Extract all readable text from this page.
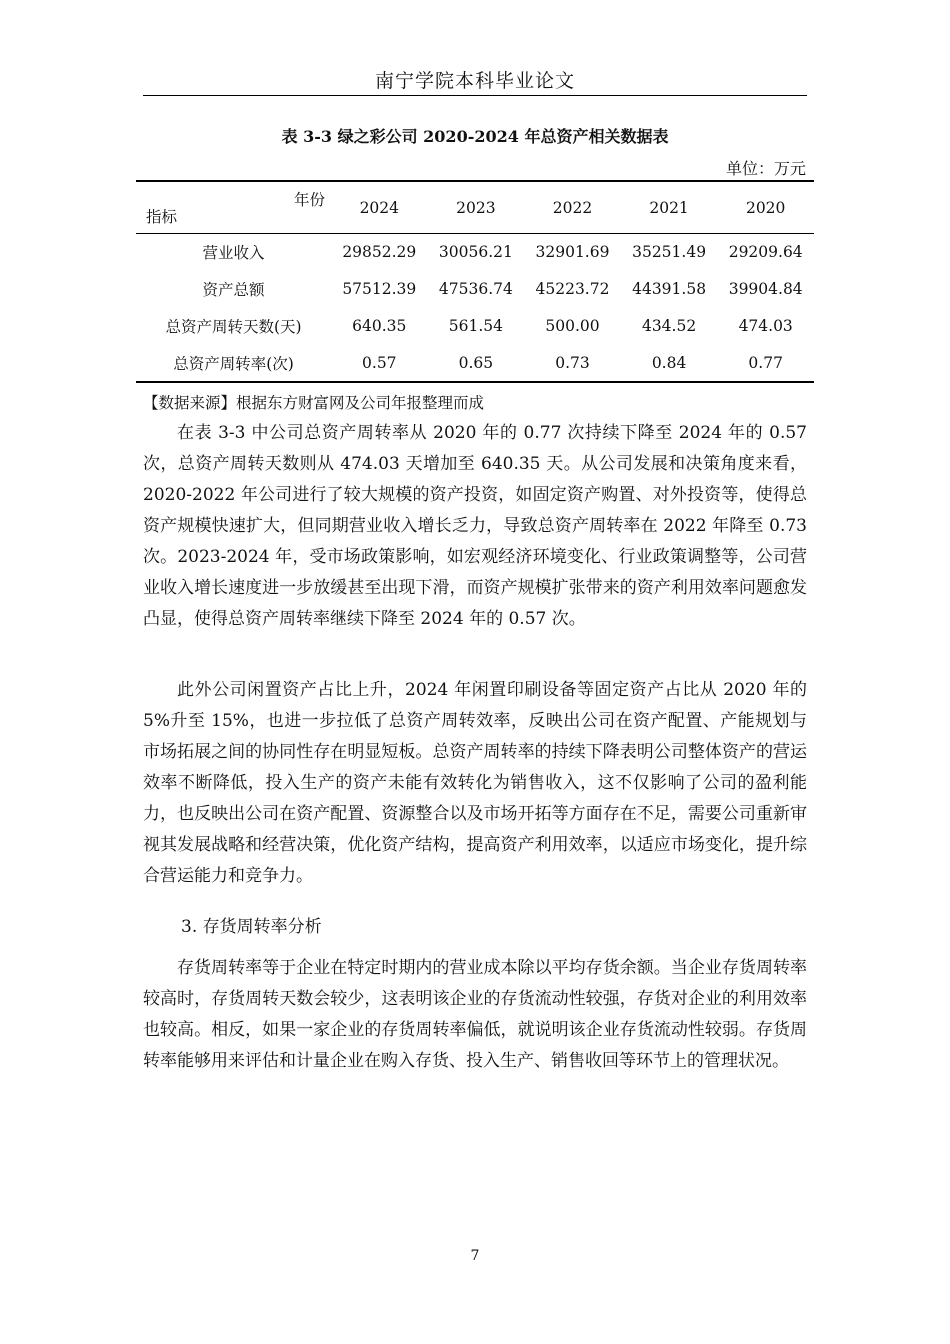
南宁学院本科毕业论文
表 3-3 绿之彩公司 2020-2024 年总资产相关数据表
单位：万元
年份
指标	2024	2023	2022	2021	2020
营业收入	29852.29	30056.21	32901.69	35251.49	29209.64
资产总额	57512.39	47536.74	45223.72	44391.58	39904.84
总资产周转天数(天)	640.35	561.54	500.00	434.52	474.03
总资产周转率(次)	0.57	0.65	0.73	0.84	0.77
【数据来源】根据东方财富网及公司年报整理而成

在表 3-3 中公司总资产周转率从 2020 年的 0.77 次持续下降至 2024 年的 0.57 次，总资产周转天数则从 474.03 天增加至 640.35 天。从公司发展和决策角度来看，2020-2022 年公司进行了较大规模的资产投资，如固定资产购置、对外投资等，使得总资产规模快速扩大，但同期营业收入增长乏力，导致总资产周转率在 2022 年降至 0.73 次。2023-2024 年，受市场政策影响，如宏观经济环境变化、行业政策调整等，公司营业收入增长速度进一步放缓甚至出现下滑，而资产规模扩张带来的资产利用效率问题愈发凸显，使得总资产周转率继续下降至 2024 年的 0.57 次。

此外公司闲置资产占比上升，2024 年闲置印刷设备等固定资产占比从 2020 年的 5%升至 15%，也进一步拉低了总资产周转效率，反映出公司在资产配置、产能规划与市场拓展之间的协同性存在明显短板。总资产周转率的持续下降表明公司整体资产的营运效率不断降低，投入生产的资产未能有效转化为销售收入，这不仅影响了公司的盈利能力，也反映出公司在资产配置、资源整合以及市场开拓等方面存在不足，需要公司重新审视其发展战略和经营决策，优化资产结构，提高资产利用效率，以适应市场变化，提升综合营运能力和竞争力。

3. 存货周转率分析

存货周转率等于企业在特定时期内的营业成本除以平均存货余额。当企业存货周转率较高时，存货周转天数会较少，这表明该企业的存货流动性较强，存货对企业的利用效率也较高。相反，如果一家企业的存货周转率偏低，就说明该企业存货流动性较弱。存货周转率能够用来评估和计量企业在购入存货、投入生产、销售收回等环节上的管理状况。

7
